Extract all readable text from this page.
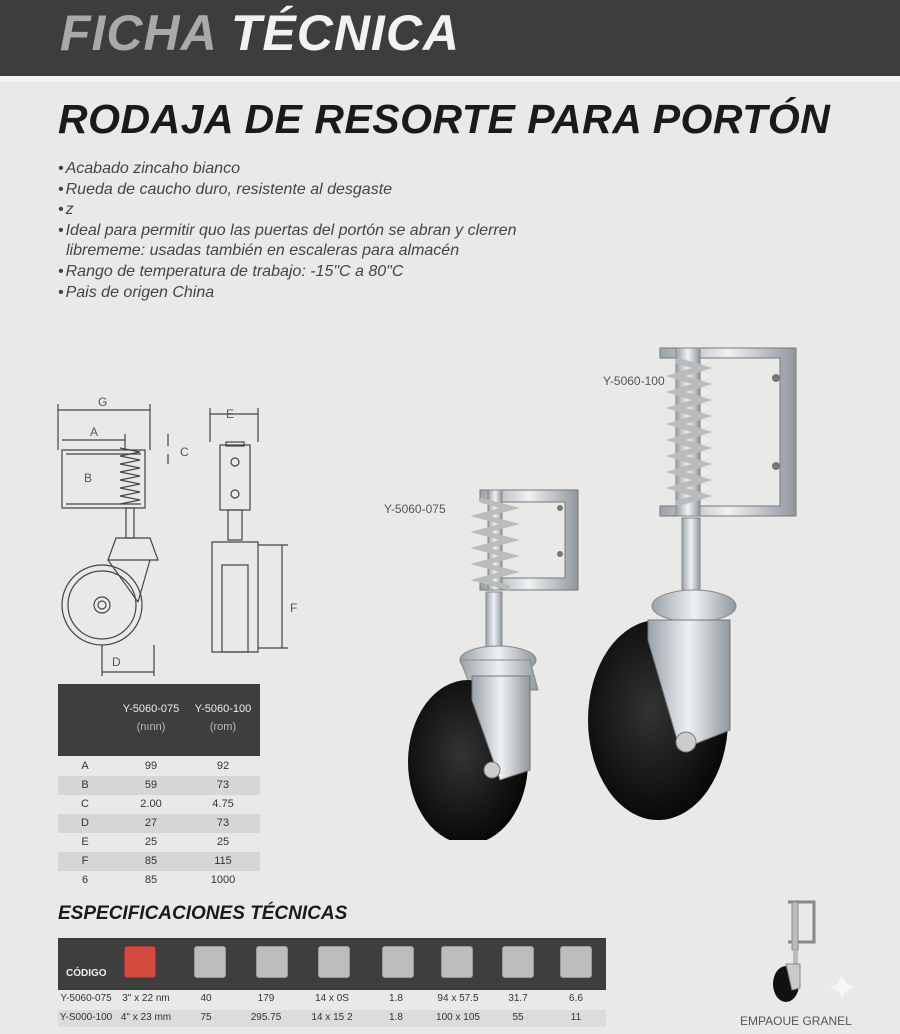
FICHA TÉCNICA
RODAJA DE RESORTE PARA PORTÓN
• Acabado zincaho bianco
• Rueda de caucho duro, resistente al desgaste
• z
• Ideal para permitir quo las puertas del portón se abran y clerren
librememe: usadas también en escaleras para almacén
• Rango de temperatura de trabajo: -15"C a 80"C
• Pais de origen China
G
A
C
B
E
F
D
Y-5060-100
Y-5060-075
Y-5060-075
(nınn)
Y-5060-100
(rom)
A	99	92
B	59	73
C	2.00	4.75
D	27	73
E	25	25
F	85	115
6	85	1000
ESPECIFICACIONES TÉCNICAS
CÓDIGO
Y-5060-075	3" x 22 nm	40	179	14 x 0S	1.8	94 x 57.5	31.7	6.6
Y-S000-100 4" x 23 mm	75	295.75	14 x 15 2	1.8	100 x 105	55	11	EMPAOUE GRANEL
✦
